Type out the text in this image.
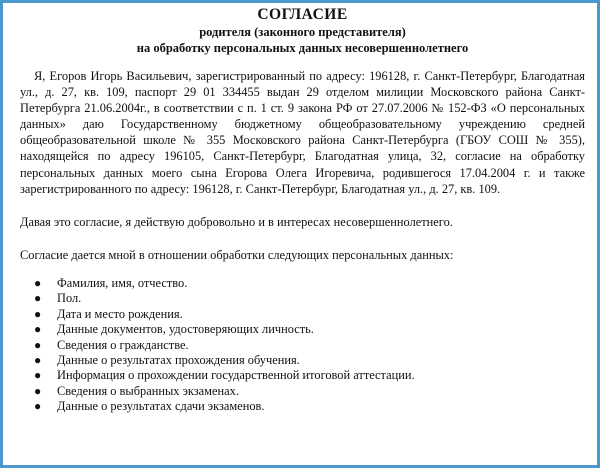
СОГЛАСИЕ
родителя (законного представителя)
на обработку персональных данных несовершеннолетнего

Я, Егоров Игорь Васильевич, зарегистрированный по адресу: 196128, г. Санкт-Петербург, Благодатная ул., д. 27, кв. 109, паспорт 29 01 334455 выдан 29 отделом милиции Московского района Санкт-Петербурга 21.06.2004г., в соответствии с п. 1 ст. 9 закона РФ от 27.07.2006 № 152-ФЗ «О персональных данных» даю Государственному бюджетному общеобразовательному учреждению средней общеобразовательной школе № 355 Московского района Санкт-Петербурга (ГБОУ СОШ № 355), находящейся по адресу 196105, Санкт-Петербург, Благодатная улица, 32, согласие на обработку персональных данных моего сына Егорова Олега Игоревича, родившегося 17.04.2004 г. и также зарегистрированного по адресу: 196128, г. Санкт-Петербург, Благодатная ул., д. 27, кв. 109.

Давая это согласие, я действую добровольно и в интересах несовершеннолетнего.

Согласие дается мной в отношении обработки следующих персональных данных:

● Фамилия, имя, отчество.
● Пол.
● Дата и место рождения.
● Данные документов, удостоверяющих личность.
● Сведения о гражданстве.
● Данные о результатах прохождения обучения.
● Информация о прохождении государственной итоговой аттестации.
● Сведения о выбранных экзаменах.
● Данные о результатах сдачи экзаменов.
